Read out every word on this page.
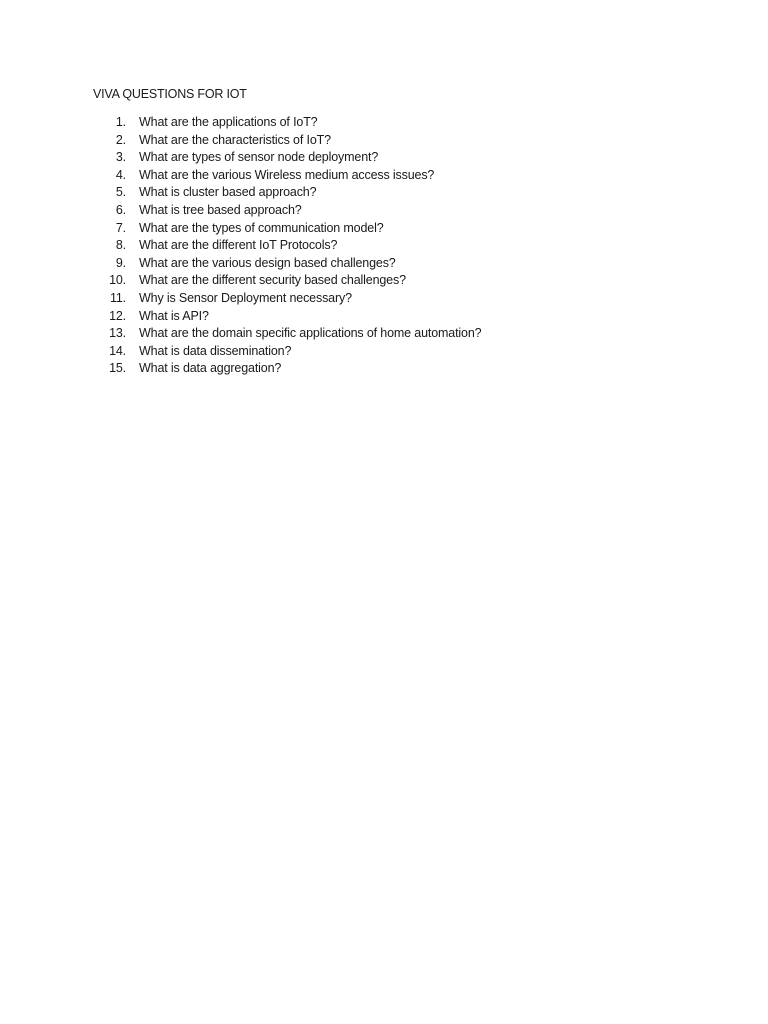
VIVA QUESTIONS FOR IOT
1.	What are the applications of IoT?
2.	What are the characteristics of IoT?
3.	What are types of sensor node deployment?
4.	What are the various Wireless medium access issues?
5.	What is cluster based approach?
6.	What is tree based approach?
7.	What are the types of communication model?
8.	What are the different IoT Protocols?
9.	What are the various design based challenges?
10.	What are the different security based challenges?
11.	Why is Sensor Deployment necessary?
12.	What is API?
13.	What are the domain specific applications of home automation?
14.	What is data dissemination?
15.	What is data aggregation?
